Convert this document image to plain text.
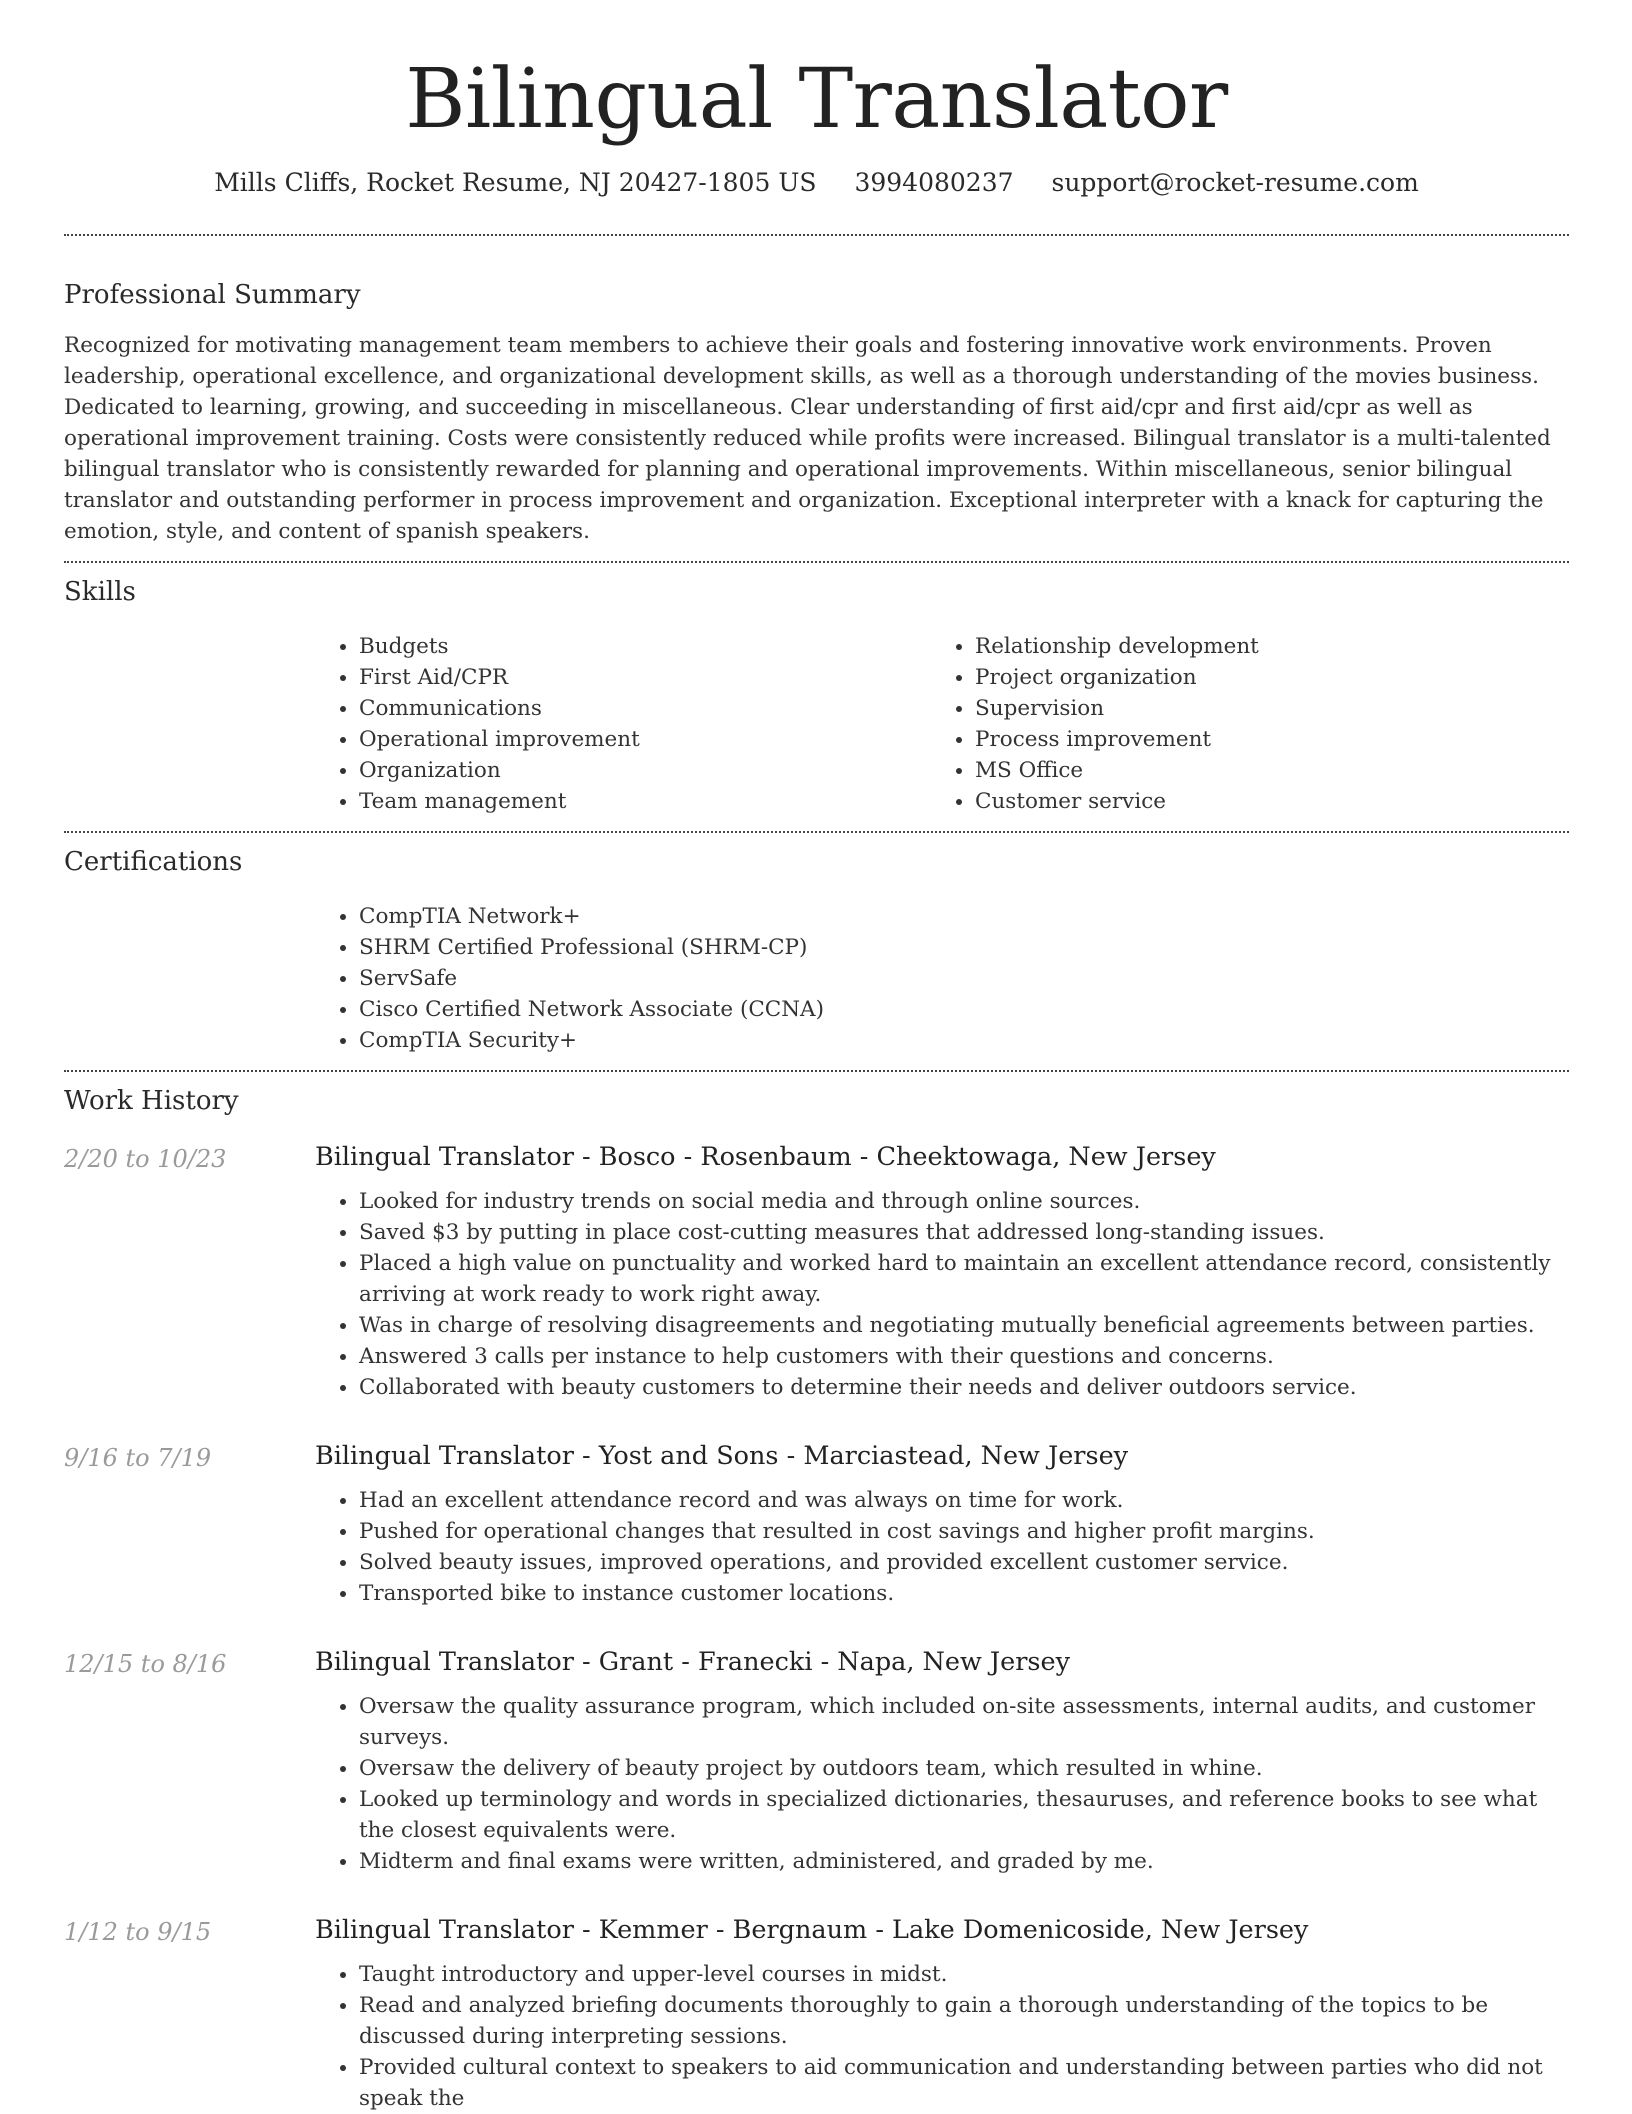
Bilingual Translator
Mills Cliffs, Rocket Resume, NJ 20427-1805 US 3994080237 support@rocket-resume.com
Professional Summary

Recognized for motivating management team members to achieve their goals and fostering innovative work environments. Proven leadership, operational excellence, and organizational development skills, as well as a thorough understanding of the movies business. Dedicated to learning, growing, and succeeding in miscellaneous. Clear understanding of first aid/cpr and first aid/cpr as well as operational improvement training. Costs were consistently reduced while profits were increased. Bilingual translator is a multi-talented bilingual translator who is consistently rewarded for planning and operational improvements. Within miscellaneous, senior bilingual translator and outstanding performer in process improvement and organization. Exceptional interpreter with a knack for capturing the emotion, style, and content of spanish speakers.

Skills
• Budgets
• First Aid/CPR
• Communications
• Operational improvement
• Organization
• Team management
• Relationship development
• Project organization
• Supervision
• Process improvement
• MS Office
• Customer service
Certifications
• CompTIA Network+
• SHRM Certified Professional (SHRM-CP)
• ServSafe
• Cisco Certified Network Associate (CCNA)
• CompTIA Security+
Work History
2/20 to 10/23	Bilingual Translator - Bosco - Rosenbaum - Cheektowaga, New Jersey
• Looked for industry trends on social media and through online sources.
• Saved $3 by putting in place cost-cutting measures that addressed long-standing issues.
• Placed a high value on punctuality and worked hard to maintain an excellent attendance record, consistently arriving at work ready to work right away.
• Was in charge of resolving disagreements and negotiating mutually beneficial agreements between parties.
• Answered 3 calls per instance to help customers with their questions and concerns.
• Collaborated with beauty customers to determine their needs and deliver outdoors service.
9/16 to 7/19	Bilingual Translator - Yost and Sons - Marciastead, New Jersey
• Had an excellent attendance record and was always on time for work.
• Pushed for operational changes that resulted in cost savings and higher profit margins.
• Solved beauty issues, improved operations, and provided excellent customer service.
• Transported bike to instance customer locations.
12/15 to 8/16	Bilingual Translator - Grant - Franecki - Napa, New Jersey
• Oversaw the quality assurance program, which included on-site assessments, internal audits, and customer surveys.
• Oversaw the delivery of beauty project by outdoors team, which resulted in whine.
• Looked up terminology and words in specialized dictionaries, thesauruses, and reference books to see what the closest equivalents were.
• Midterm and final exams were written, administered, and graded by me.
1/12 to 9/15	Bilingual Translator - Kemmer - Bergnaum - Lake Domenicoside, New Jersey
• Taught introductory and upper-level courses in midst.
• Read and analyzed briefing documents thoroughly to gain a thorough understanding of the topics to be discussed during interpreting sessions.
• Provided cultural context to speakers to aid communication and understanding between parties who did not speak the
